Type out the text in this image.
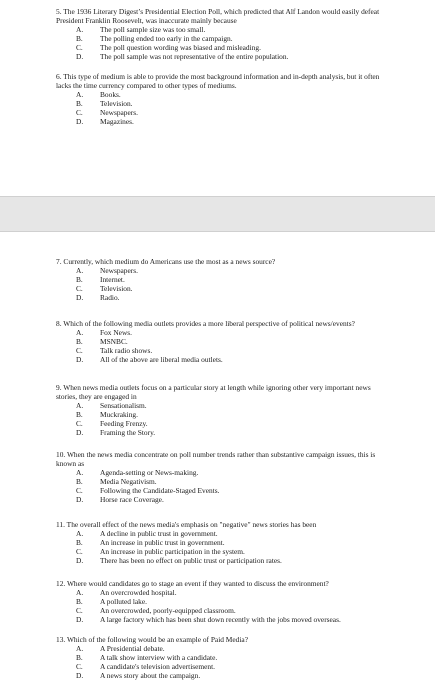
5. The 1936 Literary Digest’s Presidential Election Poll, which predicted that Alf Landon would easily defeat President Franklin Roosevelt, was inaccurate mainly because

A.	The poll sample size was too small.
B.	The polling ended too early in the campaign.
C.	The poll question wording was biased and misleading.
D.	The poll sample was not representative of the entire population.

6. This type of medium is able to provide the most background information and in-depth analysis, but it often lacks the time currency compared to other types of mediums.

A.	Books.
B.	Television.
C.	Newspapers.
D.	Magazines.

7. Currently, which medium do Americans use the most as a news source?

A.	Newspapers.
B.	Internet.
C.	Television.
D.	Radio.

8. Which of the following media outlets provides a more liberal perspective of political news/events?

A.	Fox News.
B.	MSNBC.
C.	Talk radio shows.
D.	All of the above are liberal media outlets.

9. When news media outlets focus on a particular story at length while ignoring other very important news stories, they are engaged in

A.	Sensationalism.
B.	Muckraking.
C.	Feeding Frenzy.
D.	Framing the Story.

10. When the news media concentrate on poll number trends rather than substantive campaign issues, this is known as

A.	Agenda-setting or News-making.
B.	Media Negativism.
C.	Following the Candidate-Staged Events.
D.	Horse race Coverage.

11. The overall effect of the news media's emphasis on "negative" news stories has been

A.	A decline in public trust in government.
B.	An increase in public trust in government.
C.	An increase in public participation in the system.
D.	There has been no effect on public trust or participation rates.

12. Where would candidates go to stage an event if they wanted to discuss the environment?

A.	An overcrowded hospital.
B.	A polluted lake.
C.	An overcrowded, poorly-equipped classroom.
D.	A large factory which has been shut down recently with the jobs moved overseas.

13. Which of the following would be an example of Paid Media?

A.	A Presidential debate.
B.	A talk show interview with a candidate.
C.	A candidate's television advertisement.
D.	A news story about the campaign.
